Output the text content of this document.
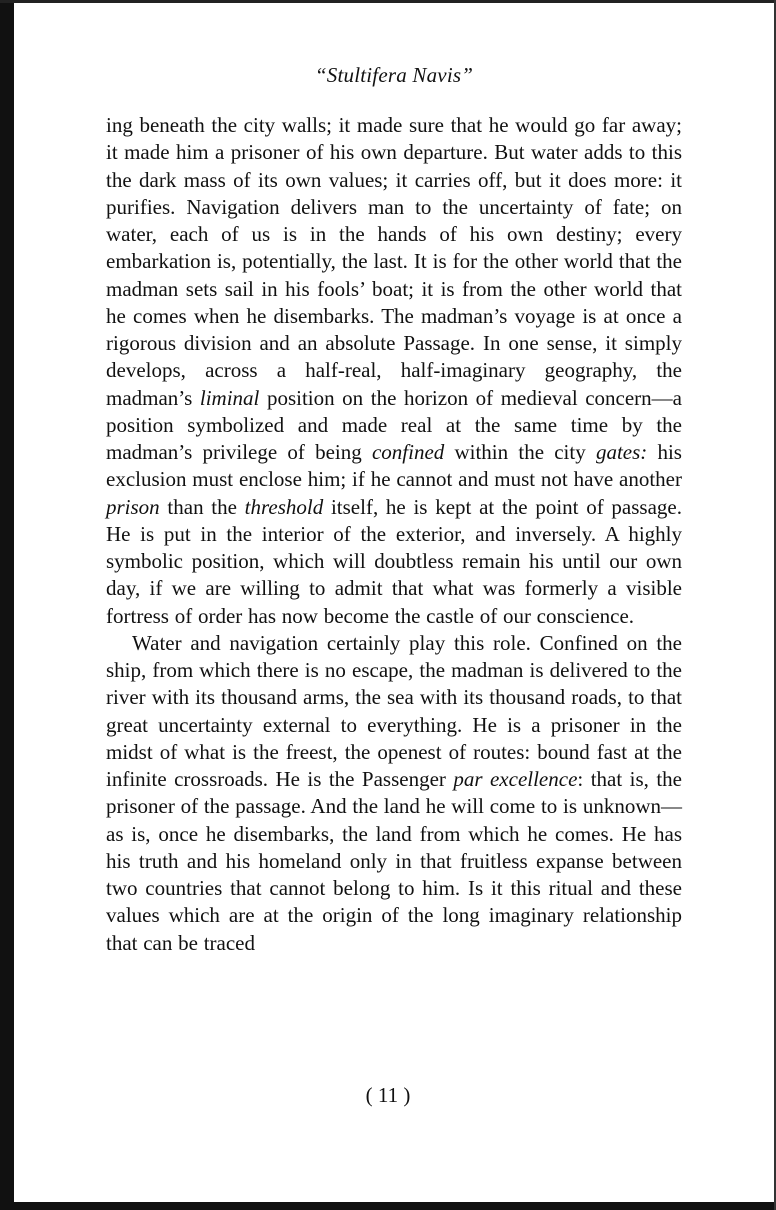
“Stultifera Navis”

ing beneath the city walls; it made sure that he would go far away; it made him a prisoner of his own departure. But water adds to this the dark mass of its own values; it carries off, but it does more: it purifies. Navigation delivers man to the uncertainty of fate; on water, each of us is in the hands of his own destiny; every embarkation is, potentially, the last. It is for the other world that the madman sets sail in his fools’ boat; it is from the other world that he comes when he disembarks. The madman’s voyage is at once a rigorous division and an absolute Passage. In one sense, it simply develops, across a half-real, half-imaginary geography, the madman’s liminal position on the horizon of medieval concern—a position symbolized and made real at the same time by the madman’s privilege of being confined within the city gates: his exclusion must enclose him; if he cannot and must not have another prison than the threshold itself, he is kept at the point of passage. He is put in the interior of the exterior, and inversely. A highly symbolic position, which will doubtless remain his until our own day, if we are willing to admit that what was formerly a visible fortress of order has now become the castle of our conscience.

Water and navigation certainly play this role. Confined on the ship, from which there is no escape, the madman is delivered to the river with its thousand arms, the sea with its thousand roads, to that great uncertainty external to everything. He is a prisoner in the midst of what is the freest, the openest of routes: bound fast at the infinite crossroads. He is the Passenger par excellence: that is, the prisoner of the passage. And the land he will come to is unknown—as is, once he disembarks, the land from which he comes. He has his truth and his homeland only in that fruitless expanse between two countries that cannot belong to him. Is it this ritual and these values which are at the origin of the long imaginary relationship that can be traced

( 11 )
